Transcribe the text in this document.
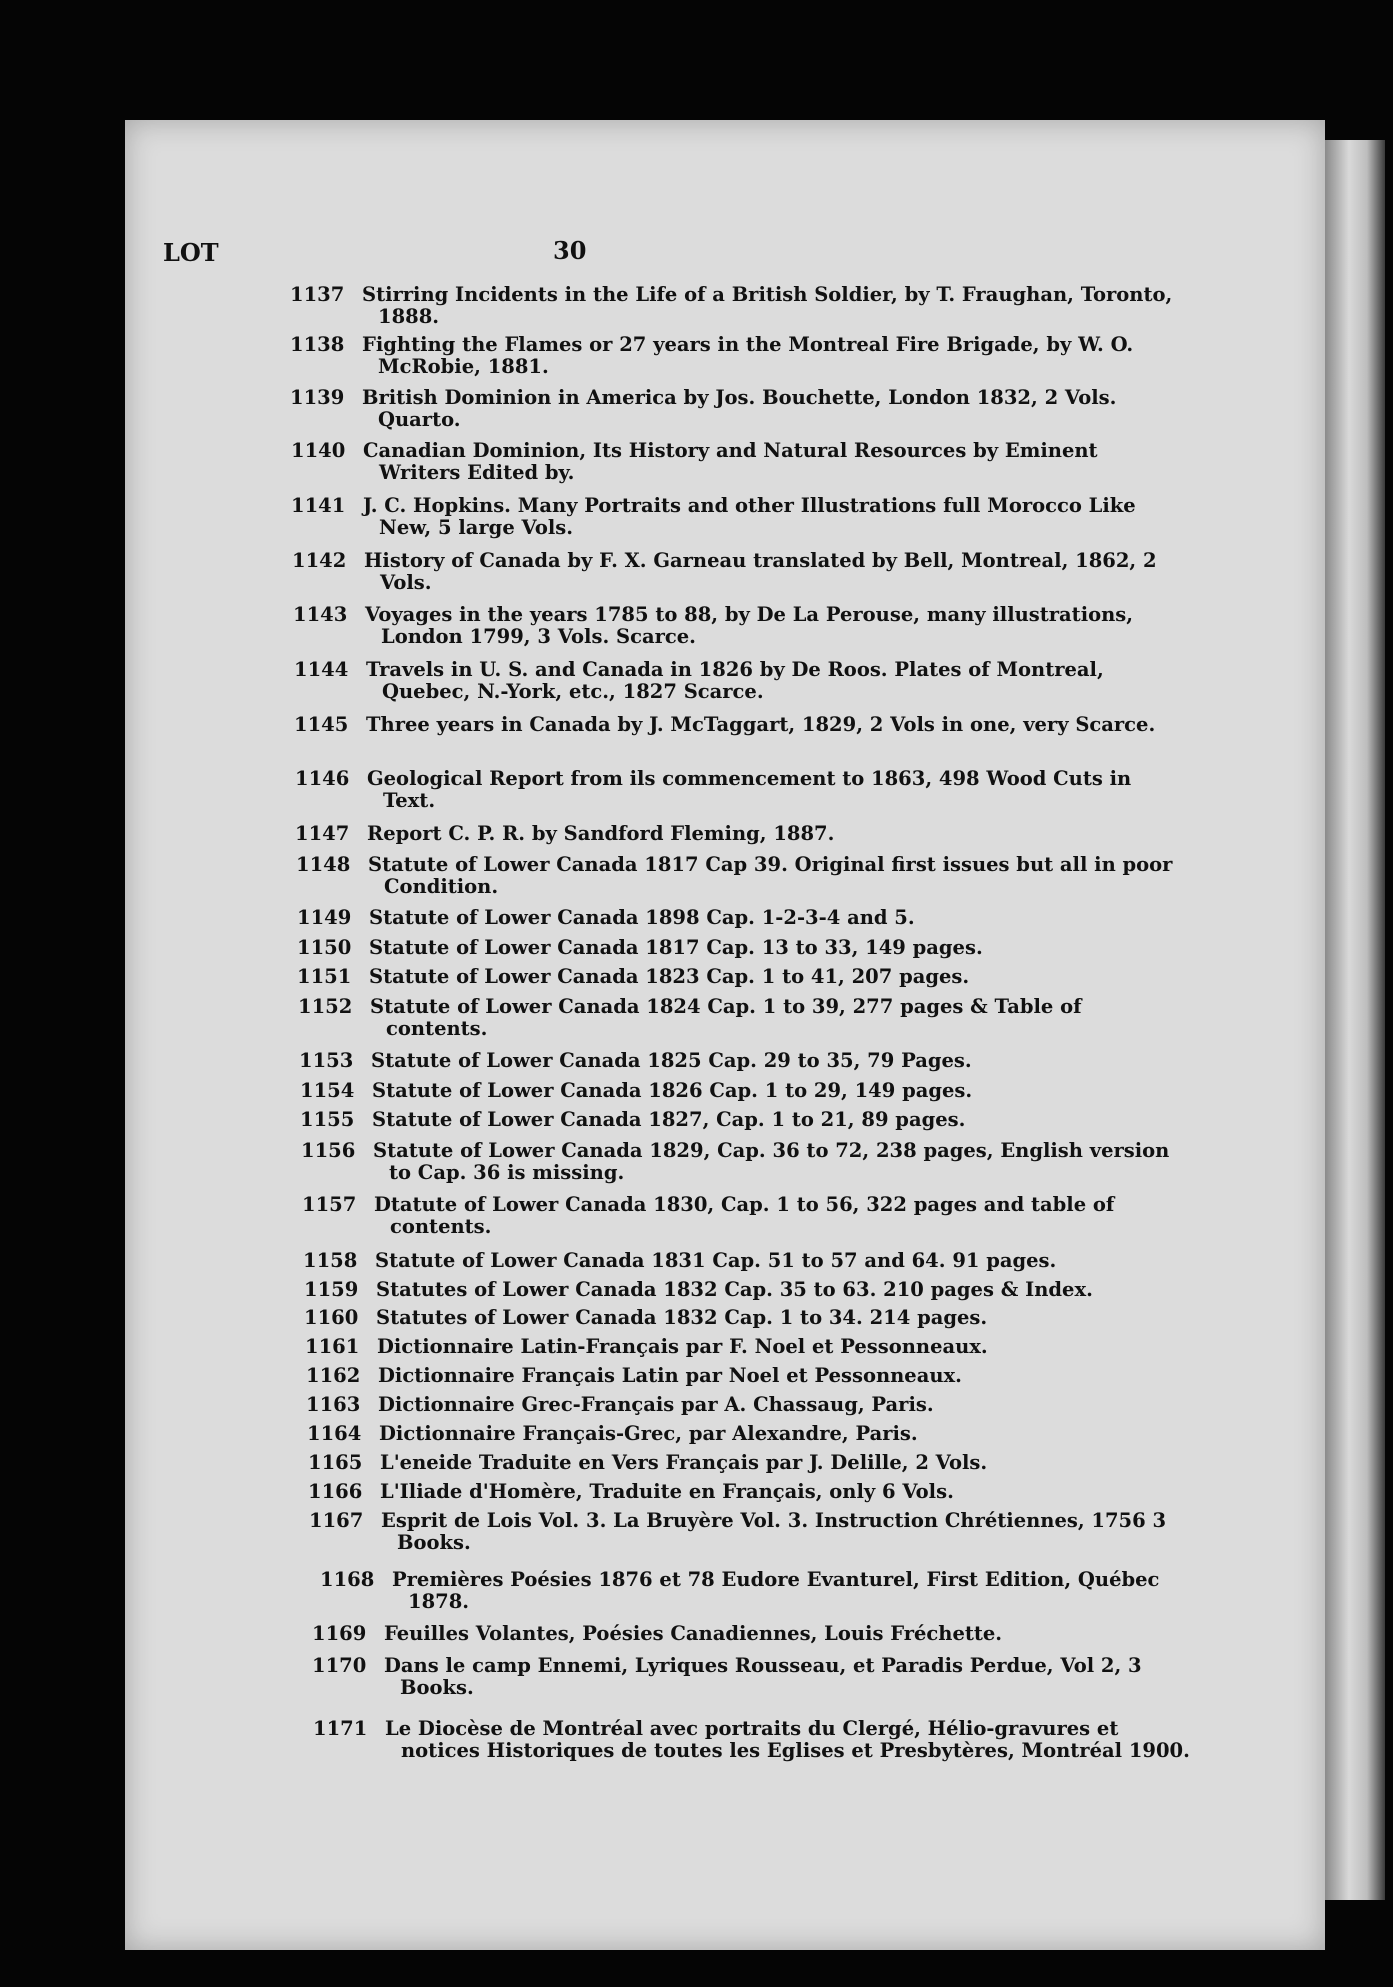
LOT	30
1137 Stirring Incidents in the Life of a British Soldier, by T. Fraughan, Toronto, 1888.
1138 Fighting the Flames or 27 years in the Montreal Fire Brigade, by W. O. McRobie, 1881.
1139 British Dominion in America by Jos. Bouchette, London 1832, 2 Vols. Quarto.
1140 Canadian Dominion, Its History and Natural Resources by Eminent Writers Edited by.
1141 J. C. Hopkins. Many Portraits and other Illustrations full Morocco Like New, 5 large Vols.
1142 History of Canada by F. X. Garneau translated by Bell, Montreal, 1862, 2 Vols.
1143 Voyages in the years 1785 to 88, by De La Perouse, many illustrations, London 1799, 3 Vols. Scarce.
1144 Travels in U. S. and Canada in 1826 by De Roos. Plates of Montreal, Quebec, N.-York, etc., 1827 Scarce.
1145 Three years in Canada by J. McTaggart, 1829, 2 Vols in one, very Scarce.
1146 Geological Report from ils commencement to 1863, 498 Wood Cuts in Text.
1147 Report C. P. R. by Sandford Fleming, 1887.
1148 Statute of Lower Canada 1817 Cap 39. Original first issues but all in poor Condition.
1149 Statute of Lower Canada 1898 Cap. 1-2-3-4 and 5.
1150 Statute of Lower Canada 1817 Cap. 13 to 33, 149 pages.
1151 Statute of Lower Canada 1823 Cap. 1 to 41, 207 pages.
1152 Statute of Lower Canada 1824 Cap. 1 to 39, 277 pages & Table of contents.
1153 Statute of Lower Canada 1825 Cap. 29 to 35, 79 Pages.
1154 Statute of Lower Canada 1826 Cap. 1 to 29, 149 pages.
1155 Statute of Lower Canada 1827, Cap. 1 to 21, 89 pages.
1156 Statute of Lower Canada 1829, Cap. 36 to 72, 238 pages, English version to Cap. 36 is missing.
1157 Dtatute of Lower Canada 1830, Cap. 1 to 56, 322 pages and table of contents.
1158 Statute of Lower Canada 1831 Cap. 51 to 57 and 64. 91 pages.
1159 Statutes of Lower Canada 1832 Cap. 35 to 63. 210 pages & Index.
1160 Statutes of Lower Canada 1832 Cap. 1 to 34. 214 pages.
1161 Dictionnaire Latin-Français par F. Noel et Pessonneaux.
1162 Dictionnaire Français Latin par Noel et Pessonneaux.
1163 Dictionnaire Grec-Français par A. Chassaug, Paris.
1164 Dictionnaire Français-Grec, par Alexandre, Paris.
1165 L'eneide Traduite en Vers Français par J. Delille, 2 Vols.
1166 L'Iliade d'Homère, Traduite en Français, only 6 Vols.
1167 Esprit de Lois Vol. 3. La Bruyère Vol. 3. Instruction Chrétiennes, 1756 3 Books.
1168 Premières Poésies 1876 et 78 Eudore Evanturel, First Edition, Québec 1878.
1169 Feuilles Volantes, Poésies Canadiennes, Louis Fréchette.
1170 Dans le camp Ennemi, Lyriques Rousseau, et Paradis Perdue, Vol 2, 3 Books.
1171 Le Diocèse de Montréal avec portraits du Clergé, Hélio-gravures et notices Historiques de toutes les Eglises et Presbytères, Montréal 1900.
